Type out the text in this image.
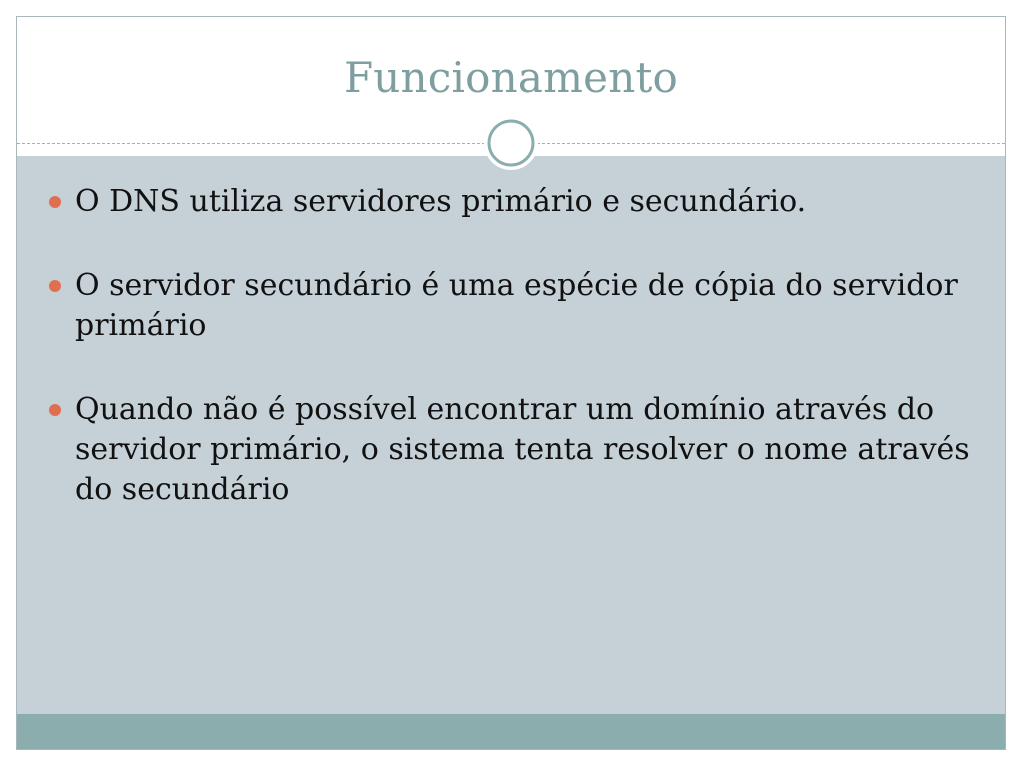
Funcionamento
O DNS utiliza servidores primário e secundário.
O servidor secundário é uma espécie de cópia do servidor primário
Quando não é possível encontrar um domínio através do servidor primário, o sistema tenta resolver o nome através do secundário
